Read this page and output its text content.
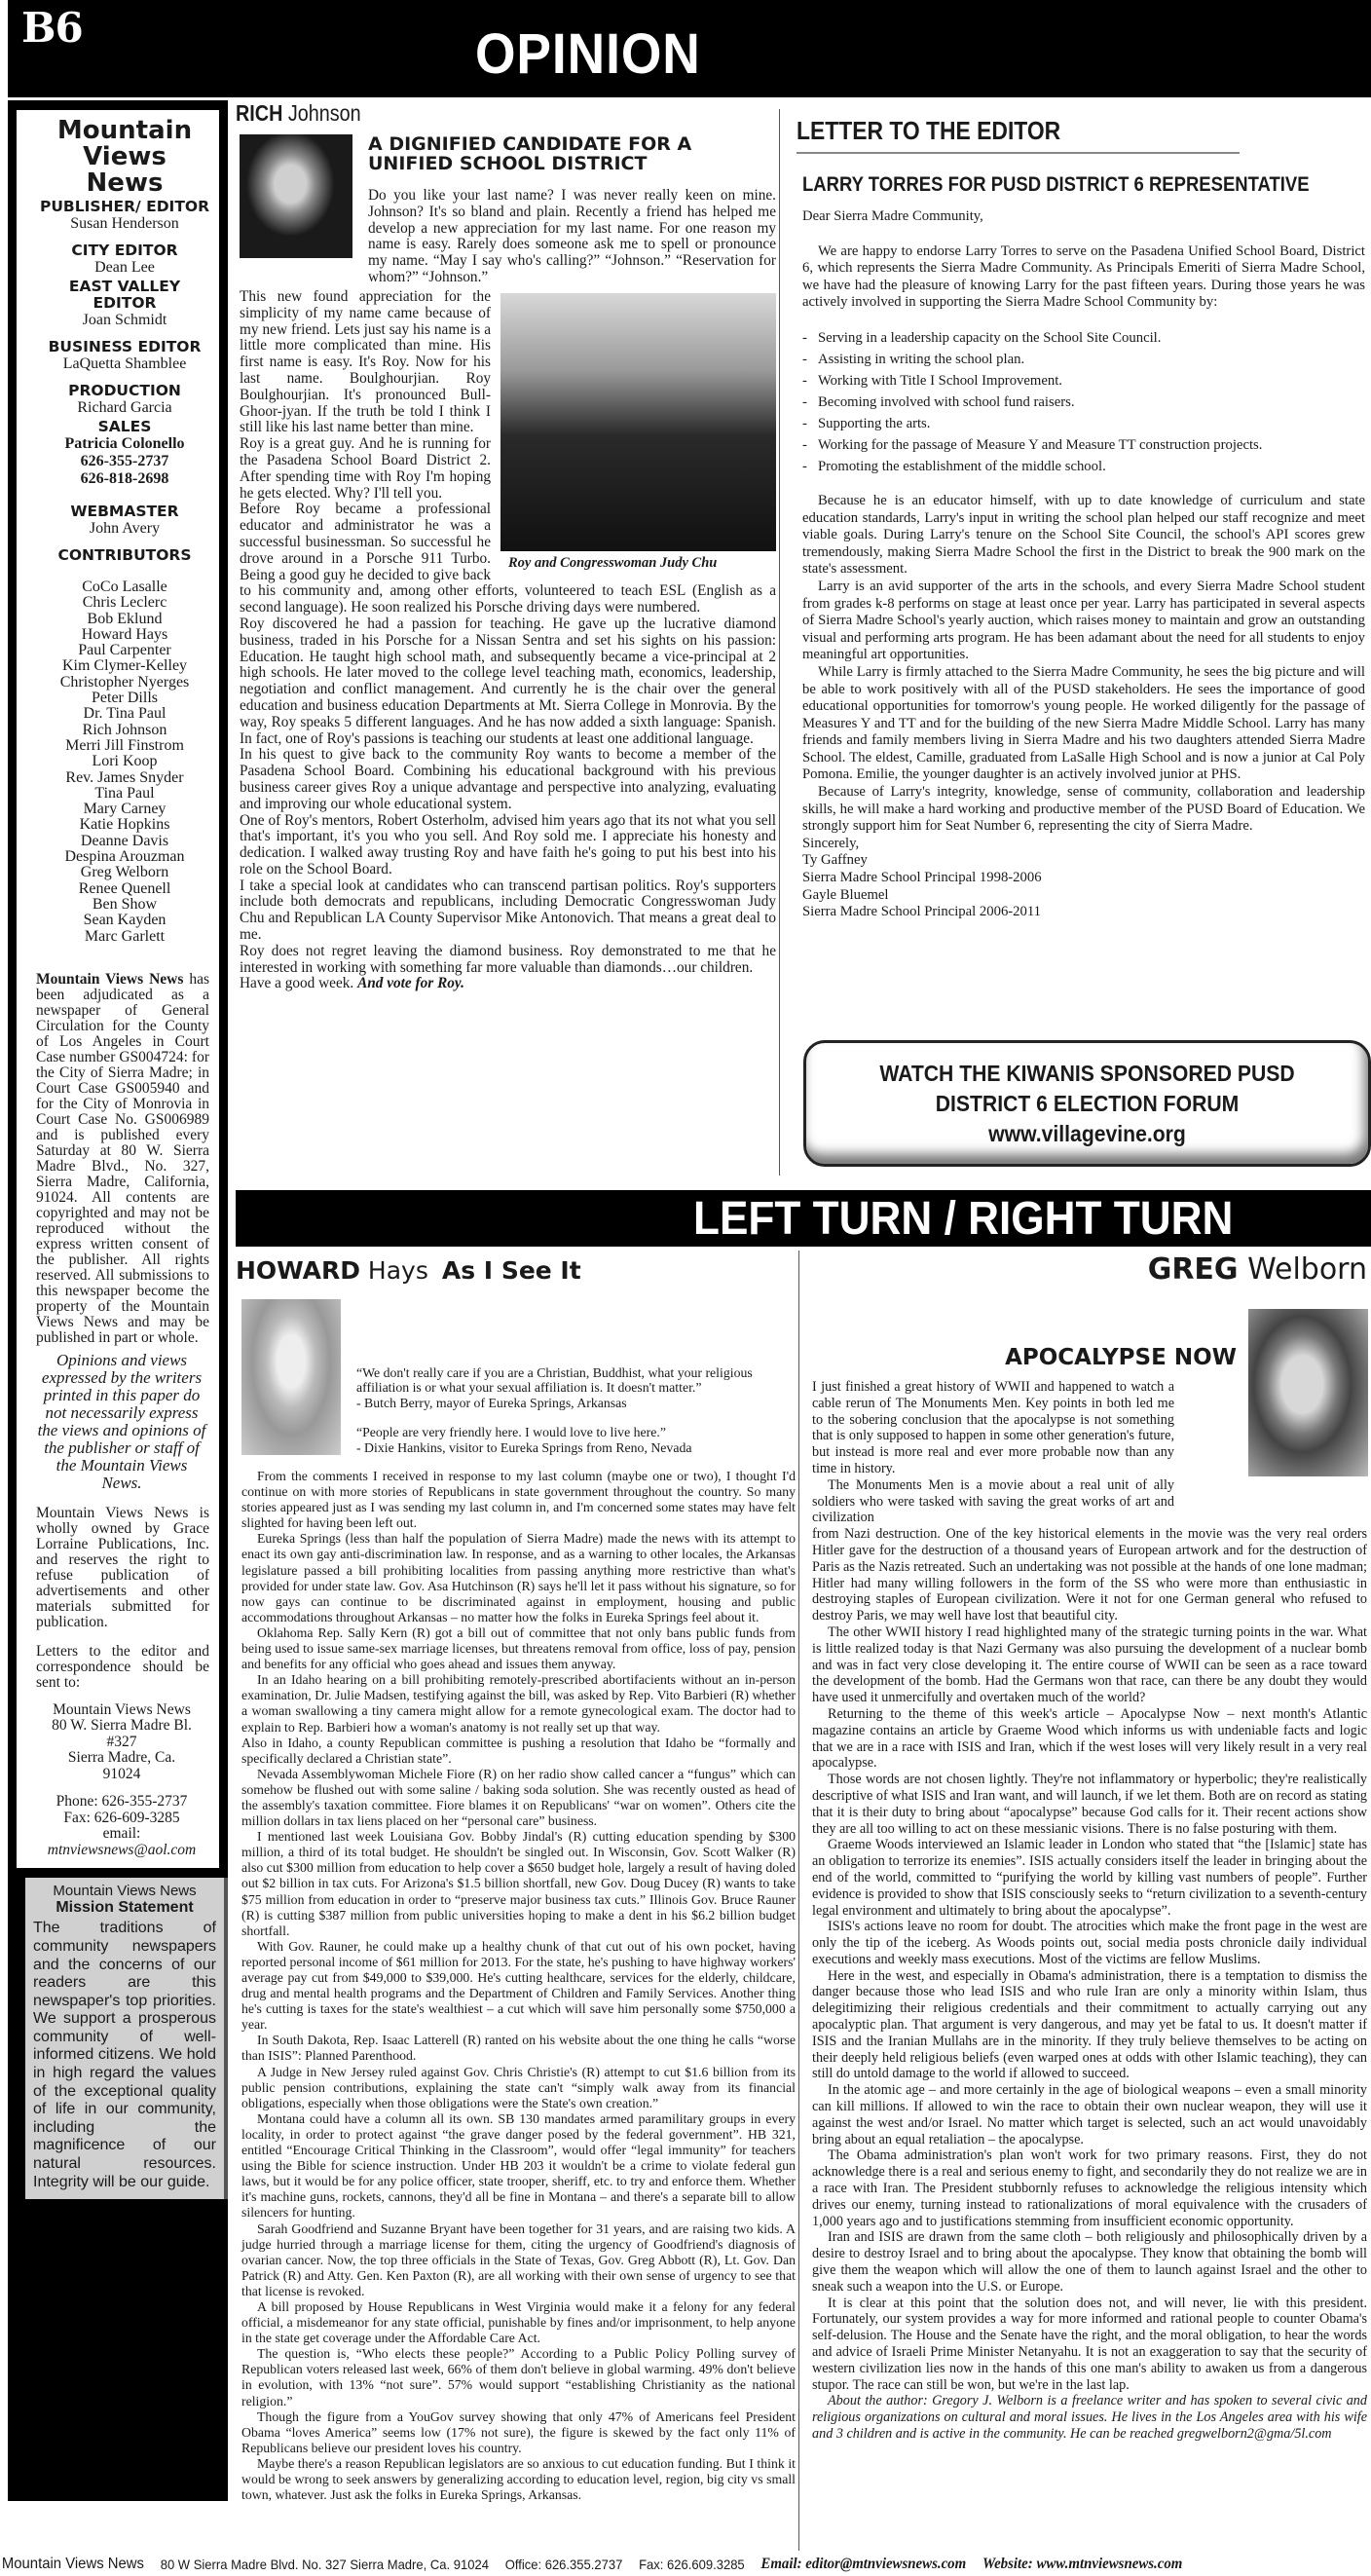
B6	OPINION
Mountain
Views
News
PUBLISHER/ EDITOR
Susan Henderson
CITY EDITOR
Dean Lee
EAST VALLEY EDITOR
Joan Schmidt
BUSINESS EDITOR
LaQuetta Shamblee
PRODUCTION
Richard Garcia
SALES
Patricia Colonello
626-355-2737
626-818-2698
WEBMASTER
John Avery
CONTRIBUTORS
CoCo Lasalle
Chris Leclerc
Bob Eklund
Howard Hays
Paul Carpenter
Kim Clymer-Kelley
Christopher Nyerges
Peter Dills
Dr. Tina Paul
Rich Johnson
Merri Jill Finstrom
Lori Koop
Rev. James Snyder
Tina Paul
Mary Carney
Katie Hopkins
Deanne Davis
Despina Arouzman
Greg Welborn
Renee Quenell
Ben Show
Sean Kayden
Marc Garlett
Mountain Views News has been adjudicated as a newspaper of General Circulation for the County of Los Angeles in Court Case number GS004724: for the City of Sierra Madre; in Court Case GS005940 and for the City of Monrovia in Court Case No. GS006989 and is published every Saturday at 80 W. Sierra Madre Blvd., No. 327, Sierra Madre, California, 91024. All contents are copyrighted and may not be reproduced without the express written consent of the publisher. All rights reserved. All submissions to this newspaper become the property of the Mountain Views News and may be published in part or whole.
Opinions and views expressed by the writers printed in this paper do not necessarily express the views and opinions of the publisher or staff of the Mountain Views News.
Mountain Views News is wholly owned by Grace Lorraine Publications, Inc. and reserves the right to refuse publication of advertisements and other materials submitted for publication.
Letters to the editor and correspondence should be sent to:
Mountain Views News
80 W. Sierra Madre Bl.
#327
Sierra Madre, Ca.
91024
Phone: 626-355-2737
Fax: 626-609-3285
email:
mtnviewsnews@aol.com
Mountain Views News
Mission Statement
The traditions of community newspapers and the concerns of our readers are this newspaper's top priorities. We support a prosperous community of well-informed citizens. We hold in high regard the values of the exceptional quality of life in our community, including the magnificence of our natural resources. Integrity will be our guide.
RICH Johnson
A DIGNIFIED CANDIDATE FOR A UNIFIED SCHOOL DISTRICT
Do you like your last name? I was never really keen on mine. Johnson? It's so bland and plain. Recently a friend has helped me develop a new appreciation for my last name. For one reason my name is easy. Rarely does someone ask me to spell or pronounce my name. “May I say who's calling?” “Johnson.” “Reservation for whom?” “Johnson.”
Roy and Congresswoman Judy Chu

This new found appreciation for the simplicity of my name came because of my new friend. Lets just say his name is a little more complicated than mine. His first name is easy. It's Roy. Now for his last name. Boulghourjian. Roy Boulghourjian. It's pronounced Bull-Ghoor-jyan. If the truth be told I think I still like his last name better than mine.

Roy is a great guy. And he is running for the Pasadena School Board District 2. After spending time with Roy I'm hoping he gets elected. Why? I'll tell you.

Before Roy became a professional educator and administrator he was a successful businessman. So successful he drove around in a Porsche 911 Turbo. Being a good guy he decided to give back to his community and, among other efforts, volunteered to teach ESL (English as a second language). He soon realized his Porsche driving days were numbered.

Roy discovered he had a passion for teaching. He gave up the lucrative diamond business, traded in his Porsche for a Nissan Sentra and set his sights on his passion: Education. He taught high school math, and subsequently became a vice-principal at 2 high schools. He later moved to the college level teaching math, economics, leadership, negotiation and conflict management. And currently he is the chair over the general education and business education Departments at Mt. Sierra College in Monrovia. By the way, Roy speaks 5 different languages. And he has now added a sixth language: Spanish. In fact, one of Roy's passions is teaching our students at least one additional language.

In his quest to give back to the community Roy wants to become a member of the Pasadena School Board. Combining his educational background with his previous business career gives Roy a unique advantage and perspective into analyzing, evaluating and improving our whole educational system.

One of Roy's mentors, Robert Osterholm, advised him years ago that its not what you sell that's important, it's you who you sell. And Roy sold me. I appreciate his honesty and dedication. I walked away trusting Roy and have faith he's going to put his best into his role on the School Board.

I take a special look at candidates who can transcend partisan politics. Roy's supporters include both democrats and republicans, including Democratic Congresswoman Judy Chu and Republican LA County Supervisor Mike Antonovich. That means a great deal to me.

Roy does not regret leaving the diamond business. Roy demonstrated to me that he interested in working with something far more valuable than diamonds…our children.

Have a good week. And vote for Roy.

LETTER TO THE EDITOR
LARRY TORRES FOR PUSD DISTRICT 6 REPRESENTATIVE

Dear Sierra Madre Community,

We are happy to endorse Larry Torres to serve on the Pasadena Unified School Board, District 6, which represents the Sierra Madre Community. As Principals Emeriti of Sierra Madre School, we have had the pleasure of knowing Larry for the past fifteen years. During those years he was actively involved in supporting the Sierra Madre School Community by:

- Serving in a leadership capacity on the School Site Council.
- Assisting in writing the school plan.
- Working with Title I School Improvement.
- Becoming involved with school fund raisers.
- Supporting the arts.
- Working for the passage of Measure Y and Measure TT construction projects.
- Promoting the establishment of the middle school.

Because he is an educator himself, with up to date knowledge of curriculum and state education standards, Larry's input in writing the school plan helped our staff recognize and meet viable goals. During Larry's tenure on the School Site Council, the school's API scores grew tremendously, making Sierra Madre School the first in the District to break the 900 mark on the state's assessment.

Larry is an avid supporter of the arts in the schools, and every Sierra Madre School student from grades k-8 performs on stage at least once per year. Larry has participated in several aspects of Sierra Madre School's yearly auction, which raises money to maintain and grow an outstanding visual and performing arts program. He has been adamant about the need for all students to enjoy meaningful art opportunities.

While Larry is firmly attached to the Sierra Madre Community, he sees the big picture and will be able to work positively with all of the PUSD stakeholders. He sees the importance of good educational opportunities for tomorrow's young people. He worked diligently for the passage of Measures Y and TT and for the building of the new Sierra Madre Middle School. Larry has many friends and family members living in Sierra Madre and his two daughters attended Sierra Madre School. The eldest, Camille, graduated from LaSalle High School and is now a junior at Cal Poly Pomona. Emilie, the younger daughter is an actively involved junior at PHS.

Because of Larry's integrity, knowledge, sense of community, collaboration and leadership skills, he will make a hard working and productive member of the PUSD Board of Education. We strongly support him for Seat Number 6, representing the city of Sierra Madre.

Sincerely,

Ty Gaffney

Sierra Madre School Principal 1998-2006

Gayle Bluemel

Sierra Madre School Principal 2006-2011

WATCH THE KIWANIS SPONSORED PUSD
DISTRICT 6 ELECTION FORUM
www.villagevine.org
LEFT TURN / RIGHT TURN
HOWARD Hays As I See It

“We don't really care if you are a Christian, Buddhist, what your religious affiliation is or what your sexual affiliation is. It doesn't matter.”
- Butch Berry, mayor of Eureka Springs, Arkansas

“People are very friendly here. I would love to live here.”
- Dixie Hankins, visitor to Eureka Springs from Reno, Nevada

From the comments I received in response to my last column (maybe one or two), I thought I'd continue on with more stories of Republicans in state government throughout the country. So many stories appeared just as I was sending my last column in, and I'm concerned some states may have felt slighted for having been left out.

Eureka Springs (less than half the population of Sierra Madre) made the news with its attempt to enact its own gay anti-discrimination law. In response, and as a warning to other locales, the Arkansas legislature passed a bill prohibiting localities from passing anything more restrictive than what's provided for under state law. Gov. Asa Hutchinson (R) says he'll let it pass without his signature, so for now gays can continue to be discriminated against in employment, housing and public accommodations throughout Arkansas – no matter how the folks in Eureka Springs feel about it.

Oklahoma Rep. Sally Kern (R) got a bill out of committee that not only bans public funds from being used to issue same-sex marriage licenses, but threatens removal from office, loss of pay, pension and benefits for any official who goes ahead and issues them anyway.

In an Idaho hearing on a bill prohibiting remotely-prescribed abortifacients without an in-person examination, Dr. Julie Madsen, testifying against the bill, was asked by Rep. Vito Barbieri (R) whether a woman swallowing a tiny camera might allow for a remote gynecological exam. The doctor had to explain to Rep. Barbieri how a woman's anatomy is not really set up that way.

Also in Idaho, a county Republican committee is pushing a resolution that Idaho be “formally and specifically declared a Christian state”.

Nevada Assemblywoman Michele Fiore (R) on her radio show called cancer a “fungus” which can somehow be flushed out with some saline / baking soda solution. She was recently ousted as head of the assembly's taxation committee. Fiore blames it on Republicans' “war on women”. Others cite the million dollars in tax liens placed on her “personal care” business.

I mentioned last week Louisiana Gov. Bobby Jindal's (R) cutting education spending by $300 million, a third of its total budget. He shouldn't be singled out. In Wisconsin, Gov. Scott Walker (R) also cut $300 million from education to help cover a $650 budget hole, largely a result of having doled out $2 billion in tax cuts. For Arizona's $1.5 billion shortfall, new Gov. Doug Ducey (R) wants to take $75 million from education in order to “preserve major business tax cuts.” Illinois Gov. Bruce Rauner (R) is cutting $387 million from public universities hoping to make a dent in his $6.2 billion budget shortfall.

With Gov. Rauner, he could make up a healthy chunk of that cut out of his own pocket, having reported personal income of $61 million for 2013. For the state, he's pushing to have highway workers' average pay cut from $49,000 to $39,000. He's cutting healthcare, services for the elderly, childcare, drug and mental health programs and the Department of Children and Family Services. Another thing he's cutting is taxes for the state's wealthiest – a cut which will save him personally some $750,000 a year.

In South Dakota, Rep. Isaac Latterell (R) ranted on his website about the one thing he calls “worse than ISIS”: Planned Parenthood.

A Judge in New Jersey ruled against Gov. Chris Christie's (R) attempt to cut $1.6 billion from its public pension contributions, explaining the state can't “simply walk away from its financial obligations, especially when those obligations were the State's own creation.”

Montana could have a column all its own. SB 130 mandates armed paramilitary groups in every locality, in order to protect against “the grave danger posed by the federal government”. HB 321, entitled “Encourage Critical Thinking in the Classroom”, would offer “legal immunity” for teachers using the Bible for science instruction. Under HB 203 it wouldn't be a crime to violate federal gun laws, but it would be for any police officer, state trooper, sheriff, etc. to try and enforce them. Whether it's machine guns, rockets, cannons, they'd all be fine in Montana – and there's a separate bill to allow silencers for hunting.

Sarah Goodfriend and Suzanne Bryant have been together for 31 years, and are raising two kids. A judge hurried through a marriage license for them, citing the urgency of Goodfriend's diagnosis of ovarian cancer. Now, the top three officials in the State of Texas, Gov. Greg Abbott (R), Lt. Gov. Dan Patrick (R) and Atty. Gen. Ken Paxton (R), are all working with their own sense of urgency to see that that license is revoked.

A bill proposed by House Republicans in West Virginia would make it a felony for any federal official, a misdemeanor for any state official, punishable by fines and/or imprisonment, to help anyone in the state get coverage under the Affordable Care Act.

The question is, “Who elects these people?” According to a Public Policy Polling survey of Republican voters released last week, 66% of them don't believe in global warming. 49% don't believe in evolution, with 13% “not sure”. 57% would support “establishing Christianity as the national religion.”

Though the figure from a YouGov survey showing that only 47% of Americans feel President Obama “loves America” seems low (17% not sure), the figure is skewed by the fact only 11% of Republicans believe our president loves his country.

Maybe there's a reason Republican legislators are so anxious to cut education funding. But I think it would be wrong to seek answers by generalizing according to education level, region, big city vs small town, whatever. Just ask the folks in Eureka Springs, Arkansas.

GREG Welborn
APOCALYPSE NOW

I just finished a great history of WWII and happened to watch a cable rerun of The Monuments Men. Key points in both led me to the sobering conclusion that the apocalypse is not something that is only supposed to happen in some other generation's future, but instead is more real and ever more probable now than any time in history.

The Monuments Men is a movie about a real unit of ally soldiers who were tasked with saving the great works of art and civilization

from Nazi destruction. One of the key historical elements in the movie was the very real orders Hitler gave for the destruction of a thousand years of European artwork and for the destruction of Paris as the Nazis retreated. Such an undertaking was not possible at the hands of one lone madman; Hitler had many willing followers in the form of the SS who were more than enthusiastic in destroying staples of European civilization. Were it not for one German general who refused to destroy Paris, we may well have lost that beautiful city.

The other WWII history I read highlighted many of the strategic turning points in the war. What is little realized today is that Nazi Germany was also pursuing the development of a nuclear bomb and was in fact very close developing it. The entire course of WWII can be seen as a race toward the development of the bomb. Had the Germans won that race, can there be any doubt they would have used it unmercifully and overtaken much of the world?

Returning to the theme of this week's article – Apocalypse Now – next month's Atlantic magazine contains an article by Graeme Wood which informs us with undeniable facts and logic that we are in a race with ISIS and Iran, which if the west loses will very likely result in a very real apocalypse.

Those words are not chosen lightly. They're not inflammatory or hyperbolic; they're realistically descriptive of what ISIS and Iran want, and will launch, if we let them. Both are on record as stating that it is their duty to bring about “apocalypse” because God calls for it. Their recent actions show they are all too willing to act on these messianic visions. There is no false posturing with them.

Graeme Woods interviewed an Islamic leader in London who stated that “the [Islamic] state has an obligation to terrorize its enemies”. ISIS actually considers itself the leader in bringing about the end of the world, committed to “purifying the world by killing vast numbers of people”. Further evidence is provided to show that ISIS consciously seeks to “return civilization to a seventh-century legal environment and ultimately to bring about the apocalypse”.

ISIS's actions leave no room for doubt. The atrocities which make the front page in the west are only the tip of the iceberg. As Woods points out, social media posts chronicle daily individual executions and weekly mass executions. Most of the victims are fellow Muslims.

Here in the west, and especially in Obama's administration, there is a temptation to dismiss the danger because those who lead ISIS and who rule Iran are only a minority within Islam, thus delegitimizing their religious credentials and their commitment to actually carrying out any apocalyptic plan. That argument is very dangerous, and may yet be fatal to us. It doesn't matter if ISIS and the Iranian Mullahs are in the minority. If they truly believe themselves to be acting on their deeply held religious beliefs (even warped ones at odds with other Islamic teaching), they can still do untold damage to the world if allowed to succeed.

In the atomic age – and more certainly in the age of biological weapons – even a small minority can kill millions. If allowed to win the race to obtain their own nuclear weapon, they will use it against the west and/or Israel. No matter which target is selected, such an act would unavoidably bring about an equal retaliation – the apocalypse.

The Obama administration's plan won't work for two primary reasons. First, they do not acknowledge there is a real and serious enemy to fight, and secondarily they do not realize we are in a race with Iran. The President stubbornly refuses to acknowledge the religious intensity which drives our enemy, turning instead to rationalizations of moral equivalence with the crusaders of 1,000 years ago and to justifications stemming from insufficient economic opportunity.

Iran and ISIS are drawn from the same cloth – both religiously and philosophically driven by a desire to destroy Israel and to bring about the apocalypse. They know that obtaining the bomb will give them the weapon which will allow the one of them to launch against Israel and the other to sneak such a weapon into the U.S. or Europe.

It is clear at this point that the solution does not, and will never, lie with this president. Fortunately, our system provides a way for more informed and rational people to counter Obama's self-delusion. The House and the Senate have the right, and the moral obligation, to hear the words and advice of Israeli Prime Minister Netanyahu. It is not an exaggeration to say that the security of western civilization lies now in the hands of this one man's ability to awaken us from a dangerous stupor. The race can still be won, but we're in the last lap.

About the author: Gregory J. Welborn is a freelance writer and has spoken to several civic and religious organizations on cultural and moral issues. He lives in the Los Angeles area with his wife and 3 children and is active in the community. He can be reached gregwelborn2@gma/5l.com

Mountain Views News 80 W Sierra Madre Blvd. No. 327 Sierra Madre, Ca. 91024 Office: 626.355.2737 Fax: 626.609.3285 Email: editor@mtnviewsnews.com Website: www.mtnviewsnews.com
